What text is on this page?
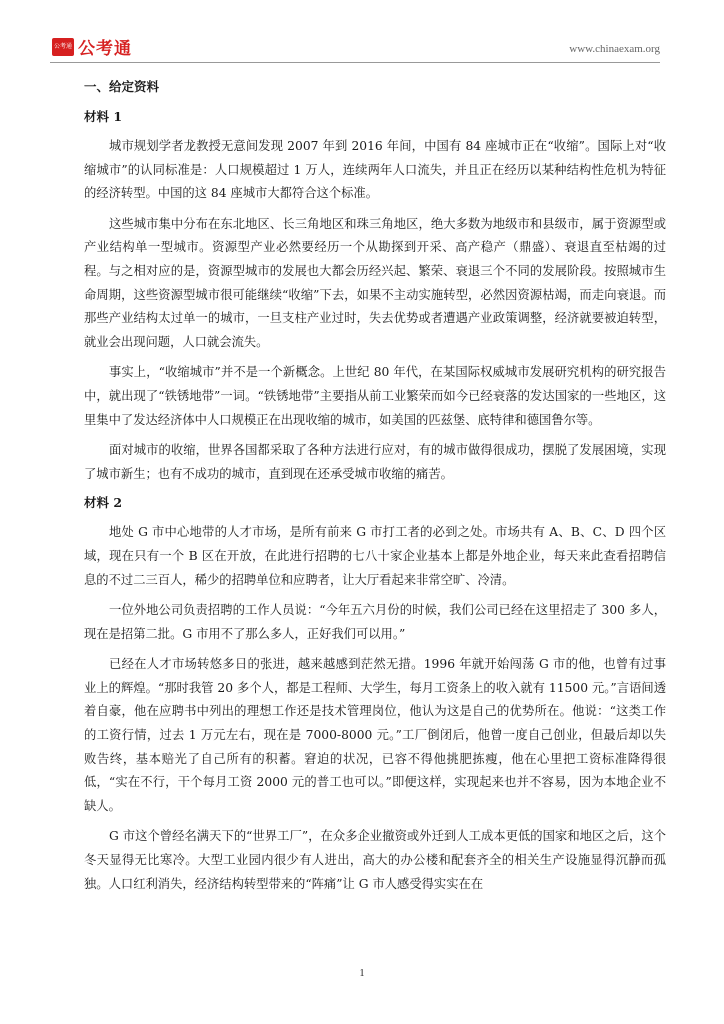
公考通 公考通	www.chinaexam.org
一、给定资料
材料 1

城市规划学者龙教授无意间发现 2007 年到 2016 年间，中国有 84 座城市正在“收缩”。国际上对“收缩城市”的认同标准是：人口规模超过 1 万人，连续两年人口流失，并且正在经历以某种结构性危机为特征的经济转型。中国的这 84 座城市大都符合这个标准。

这些城市集中分布在东北地区、长三角地区和珠三角地区，绝大多数为地级市和县级市，属于资源型或产业结构单一型城市。资源型产业必然要经历一个从勘探到开采、高产稳产（鼎盛）、衰退直至枯竭的过程。与之相对应的是，资源型城市的发展也大都会历经兴起、繁荣、衰退三个不同的发展阶段。按照城市生命周期，这些资源型城市很可能继续“收缩”下去，如果不主动实施转型，必然因资源枯竭，而走向衰退。而那些产业结构太过单一的城市，一旦支柱产业过时，失去优势或者遭遇产业政策调整，经济就要被迫转型，就业会出现问题，人口就会流失。

事实上，“收缩城市”并不是一个新概念。上世纪 80 年代，在某国际权威城市发展研究机构的研究报告中，就出现了“铁锈地带”一词。“铁锈地带”主要指从前工业繁荣而如今已经衰落的发达国家的一些地区，这里集中了发达经济体中人口规模正在出现收缩的城市，如美国的匹兹堡、底特律和德国鲁尔等。

面对城市的收缩，世界各国都采取了各种方法进行应对，有的城市做得很成功，摆脱了发展困境，实现了城市新生；也有不成功的城市，直到现在还承受城市收缩的痛苦。

材料 2

地处 G 市中心地带的人才市场，是所有前来 G 市打工者的必到之处。市场共有 A、B、C、D 四个区域，现在只有一个 B 区在开放，在此进行招聘的七八十家企业基本上都是外地企业，每天来此查看招聘信息的不过二三百人，稀少的招聘单位和应聘者，让大厅看起来非常空旷、冷清。

一位外地公司负责招聘的工作人员说：“今年五六月份的时候，我们公司已经在这里招走了 300 多人，现在是招第二批。G 市用不了那么多人，正好我们可以用。”

已经在人才市场转悠多日的张进，越来越感到茫然无措。1996 年就开始闯荡 G 市的他，也曾有过事业上的辉煌。“那时我管 20 多个人，都是工程师、大学生，每月工资条上的收入就有 11500 元。”言语间透着自豪，他在应聘书中列出的理想工作还是技术管理岗位，他认为这是自己的优势所在。他说：“这类工作的工资行情，过去 1 万元左右，现在是 7000-8000 元。”工厂倒闭后，他曾一度自己创业，但最后却以失败告终，基本赔光了自己所有的积蓄。窘迫的状况，已容不得他挑肥拣瘦，他在心里把工资标准降得很低，“实在不行，干个每月工资 2000 元的普工也可以。”即便这样，实现起来也并不容易，因为本地企业不缺人。

G 市这个曾经名满天下的“世界工厂”，在众多企业撤资或外迁到人工成本更低的国家和地区之后，这个冬天显得无比寒冷。大型工业园内很少有人进出，高大的办公楼和配套齐全的相关生产设施显得沉静而孤独。人口红利消失，经济结构转型带来的“阵痛”让 G 市人感受得实实在在

1
